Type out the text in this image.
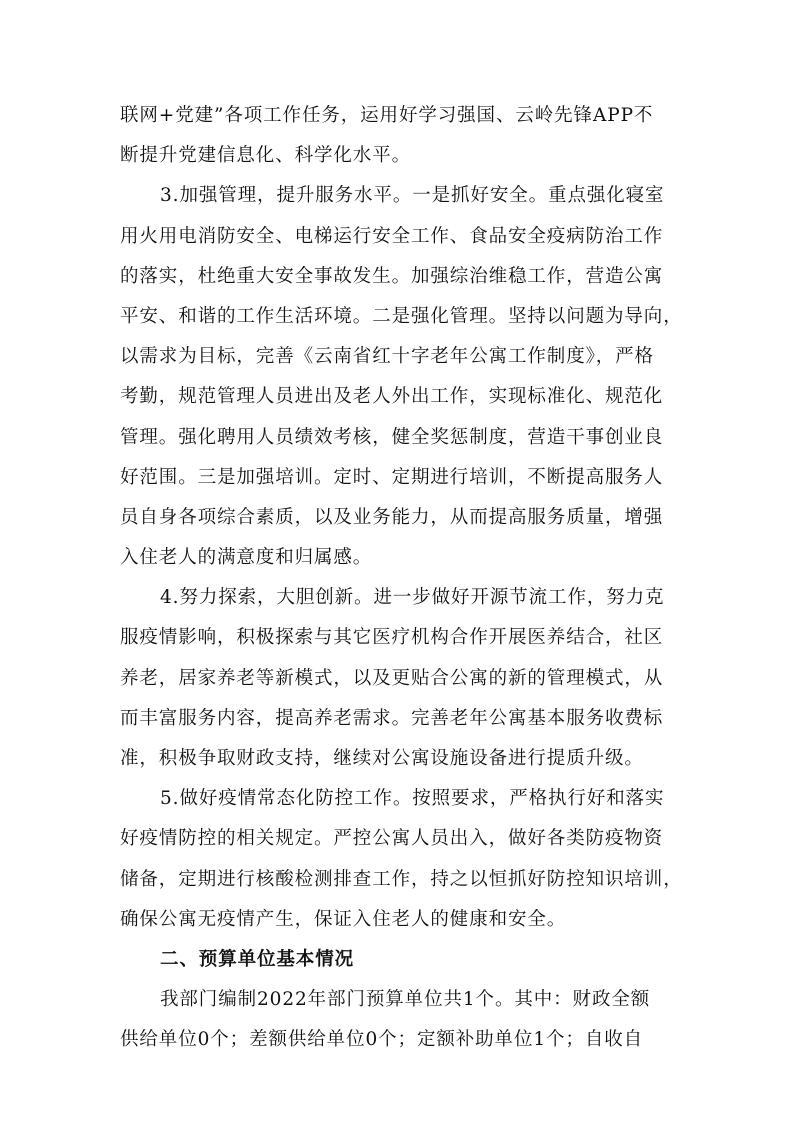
联网+党建”各项工作任务，运用好学习强国、云岭先锋APP不
断提升党建信息化、科学化水平。
3.加强管理，提升服务水平。一是抓好安全。重点强化寝室
用火用电消防安全、电梯运行安全工作、食品安全疫病防治工作
的落实，杜绝重大安全事故发生。加强综治维稳工作，营造公寓
平安、和谐的工作生活环境。二是强化管理。坚持以问题为导向，
以需求为目标，完善《云南省红十字老年公寓工作制度》，严格
考勤，规范管理人员进出及老人外出工作，实现标准化、规范化
管理。强化聘用人员绩效考核，健全奖惩制度，营造干事创业良
好范围。三是加强培训。定时、定期进行培训，不断提高服务人
员自身各项综合素质，以及业务能力，从而提高服务质量，增强
入住老人的满意度和归属感。
4.努力探索，大胆创新。进一步做好开源节流工作，努力克
服疫情影响，积极探索与其它医疗机构合作开展医养结合，社区
养老，居家养老等新模式，以及更贴合公寓的新的管理模式，从
而丰富服务内容，提高养老需求。完善老年公寓基本服务收费标
准，积极争取财政支持，继续对公寓设施设备进行提质升级。
5.做好疫情常态化防控工作。按照要求，严格执行好和落实
好疫情防控的相关规定。严控公寓人员出入，做好各类防疫物资
储备，定期进行核酸检测排查工作，持之以恒抓好防控知识培训，
确保公寓无疫情产生，保证入住老人的健康和安全。
二、预算单位基本情况
我部门编制2022年部门预算单位共1个。其中：财政全额
供给单位0个；差额供给单位0个；定额补助单位1个；自收自
